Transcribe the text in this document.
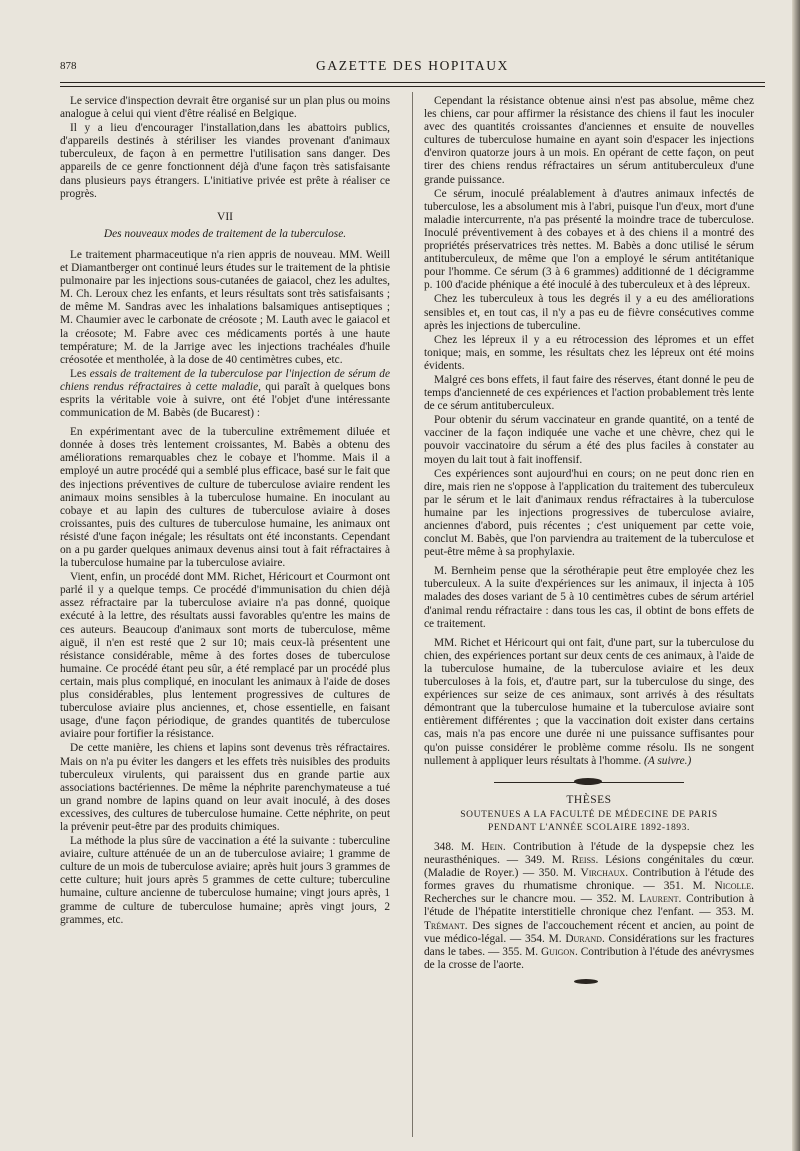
878	GAZETTE DES HOPITAUX

Le service d'inspection devrait être organisé sur un plan plus ou moins analogue à celui qui vient d'être réalisé en Belgique.

Il y a lieu d'encourager l'installation,dans les abattoirs publics, d'appareils destinés à stériliser les viandes provenant d'animaux tuberculeux, de façon à en permettre l'utilisation sans danger. Des appareils de ce genre fonctionnent déjà d'une façon très satisfaisante dans plusieurs pays étrangers. L'initiative privée est prête à réaliser ce progrès.

VII
Des nouveaux modes de traitement de la tuberculose.

Le traitement pharmaceutique n'a rien appris de nouveau. MM. Weill et Diamantberger ont continué leurs études sur le traitement de la phtisie pulmonaire par les injections sous-cutanées de gaiacol, chez les adultes, M. Ch. Leroux chez les enfants, et leurs résultats sont très satisfaisants ; de même M. Sandras avec les inhalations balsamiques antiseptiques ; M. Chaumier avec le carbonate de créosote ; M. Lauth avec le gaiacol et la créosote; M. Fabre avec ces médicaments portés à une haute température; M. de la Jarrige avec les injections trachéales d'huile créosotée et mentholée, à la dose de 40 centimètres cubes, etc.

Les essais de traitement de la tuberculose par l'injection de sérum de chiens rendus réfractaires à cette maladie, qui paraît à quelques bons esprits la véritable voie à suivre, ont été l'objet d'une intéressante communication de M. Babès (de Bucarest) :

En expérimentant avec de la tuberculine extrêmement diluée et donnée à doses très lentement croissantes, M. Babès a obtenu des améliorations remarquables chez le cobaye et l'homme. Mais il a employé un autre procédé qui a semblé plus efficace, basé sur le fait que des injections préventives de culture de tuberculose aviaire rendent les animaux moins sensibles à la tuberculose humaine. En inoculant au cobaye et au lapin des cultures de tuberculose aviaire à doses croissantes, puis des cultures de tuberculose humaine, les animaux ont résisté d'une façon inégale; les résultats ont été inconstants. Cependant on a pu garder quelques animaux devenus ainsi tout à fait réfractaires à la tuberculose humaine par la tuberculose aviaire.

Vient, enfin, un procédé dont MM. Richet, Héricourt et Courmont ont parlé il y a quelque temps. Ce procédé d'immunisation du chien déjà assez réfractaire par la tuberculose aviaire n'a pas donné, quoique exécuté à la lettre, des résultats aussi favorables qu'entre les mains de ces auteurs. Beaucoup d'animaux sont morts de tuberculose, même aiguë, il n'en est resté que 2 sur 10; mais ceux-là présentent une résistance considérable, même à des fortes doses de tuberculose humaine. Ce procédé étant peu sûr, a été remplacé par un procédé plus certain, mais plus compliqué, en inoculant les animaux à l'aide de doses plus considérables, plus lentement progressives de cultures de tuberculose aviaire plus anciennes, et, chose essentielle, en faisant usage, d'une façon périodique, de grandes quantités de tuberculose aviaire pour fortifier la résistance.

De cette manière, les chiens et lapins sont devenus très réfractaires. Mais on n'a pu éviter les dangers et les effets très nuisibles des produits tuberculeux virulents, qui paraissent dus en grande partie aux associations bactériennes. De même la néphrite parenchymateuse a tué un grand nombre de lapins quand on leur avait inoculé, à des doses excessives, des cultures de tuberculose humaine. Cette néphrite, on peut la prévenir peut-être par des produits chimiques.

La méthode la plus sûre de vaccination a été la suivante : tuberculine aviaire, culture atténuée de un an de tuberculose aviaire; 1 gramme de culture de un mois de tuberculose aviaire; après huit jours 3 grammes de cette culture; huit jours après 5 grammes de cette culture; tuberculine humaine, culture ancienne de tuberculose humaine; vingt jours après, 1 gramme de culture de tuberculose humaine; après vingt jours, 2 grammes, etc.

Cependant la résistance obtenue ainsi n'est pas absolue, même chez les chiens, car pour affirmer la résistance des chiens il faut les inoculer avec des quantités croissantes d'anciennes et ensuite de nouvelles cultures de tuberculose humaine en ayant soin d'espacer les injections d'environ quatorze jours à un mois. En opérant de cette façon, on peut tirer des chiens rendus réfractaires un sérum antituberculeux d'une grande puissance.

Ce sérum, inoculé préalablement à d'autres animaux infectés de tuberculose, les a absolument mis à l'abri, puisque l'un d'eux, mort d'une maladie intercurrente, n'a pas présenté la moindre trace de tuberculose. Inoculé préventivement à des cobayes et à des chiens il a montré des propriétés préservatrices très nettes. M. Babès a donc utilisé le sérum antituberculeux, de même que l'on a employé le sérum antitétanique pour l'homme. Ce sérum (3 à 6 grammes) additionné de 1 décigramme p. 100 d'acide phénique a été inoculé à des tuberculeux et à des lépreux.

Chez les tuberculeux à tous les degrés il y a eu des améliorations sensibles et, en tout cas, il n'y a pas eu de fièvre consécutives comme après les injections de tuberculine.

Chez les lépreux il y a eu rétrocession des lépromes et un effet tonique; mais, en somme, les résultats chez les lépreux ont été moins évidents.

Malgré ces bons effets, il faut faire des réserves, étant donné le peu de temps d'ancienneté de ces expériences et l'action probablement très lente de ce sérum antituberculeux.

Pour obtenir du sérum vaccinateur en grande quantité, on a tenté de vacciner de la façon indiquée une vache et une chèvre, chez qui le pouvoir vaccinatoire du sérum a été des plus faciles à constater au moyen du lait tout à fait inoffensif.

Ces expériences sont aujourd'hui en cours; on ne peut donc rien en dire, mais rien ne s'oppose à l'application du traitement des tuberculeux par le sérum et le lait d'animaux rendus réfractaires à la tuberculose humaine par les injections progressives de tuberculose aviaire, anciennes d'abord, puis récentes ; c'est uniquement par cette voie, conclut M. Babès, que l'on parviendra au traitement de la tuberculose et peut-être même à sa prophylaxie.

M. Bernheim pense que la sérothérapie peut être employée chez les tuberculeux. A la suite d'expériences sur les animaux, il injecta à 105 malades des doses variant de 5 à 10 centimètres cubes de sérum artériel d'animal rendu réfractaire : dans tous les cas, il obtint de bons effets de ce traitement.

MM. Richet et Héricourt qui ont fait, d'une part, sur la tuberculose du chien, des expériences portant sur deux cents de ces animaux, à l'aide de la tuberculose humaine, de la tuberculose aviaire et les deux tuberculoses à la fois, et, d'autre part, sur la tuberculose du singe, des expériences sur seize de ces animaux, sont arrivés à des résultats démontrant que la tuberculose humaine et la tuberculose aviaire sont entièrement différentes ; que la vaccination doit exister dans certains cas, mais n'a pas encore une durée ni une puissance suffisantes pour qu'on puisse considérer le problème comme résolu. Ils ne songent nullement à appliquer leurs résultats à l'homme. (A suivre.)

THÈSES
SOUTENUES A LA FACULTÉ DE MÉDECINE DE PARIS
PENDANT L'ANNÉE SCOLAIRE 1892-1893.

348. M. Hein. Contribution à l'étude de la dyspepsie chez les neurasthéniques. — 349. M. Reiss. Lésions congénitales du cœur. (Maladie de Royer.) — 350. M. Virchaux. Contribution à l'étude des formes graves du rhumatisme chronique. — 351. M. Nicolle. Recherches sur le chancre mou. — 352. M. Laurent. Contribution à l'étude de l'hépatite interstitielle chronique chez l'enfant. — 353. M. Trémant. Des signes de l'accouchement récent et ancien, au point de vue médico-légal. — 354. M. Durand. Considérations sur les fractures dans le tabes. — 355. M. Guigon. Contribution à l'étude des anévrysmes de la crosse de l'aorte.
